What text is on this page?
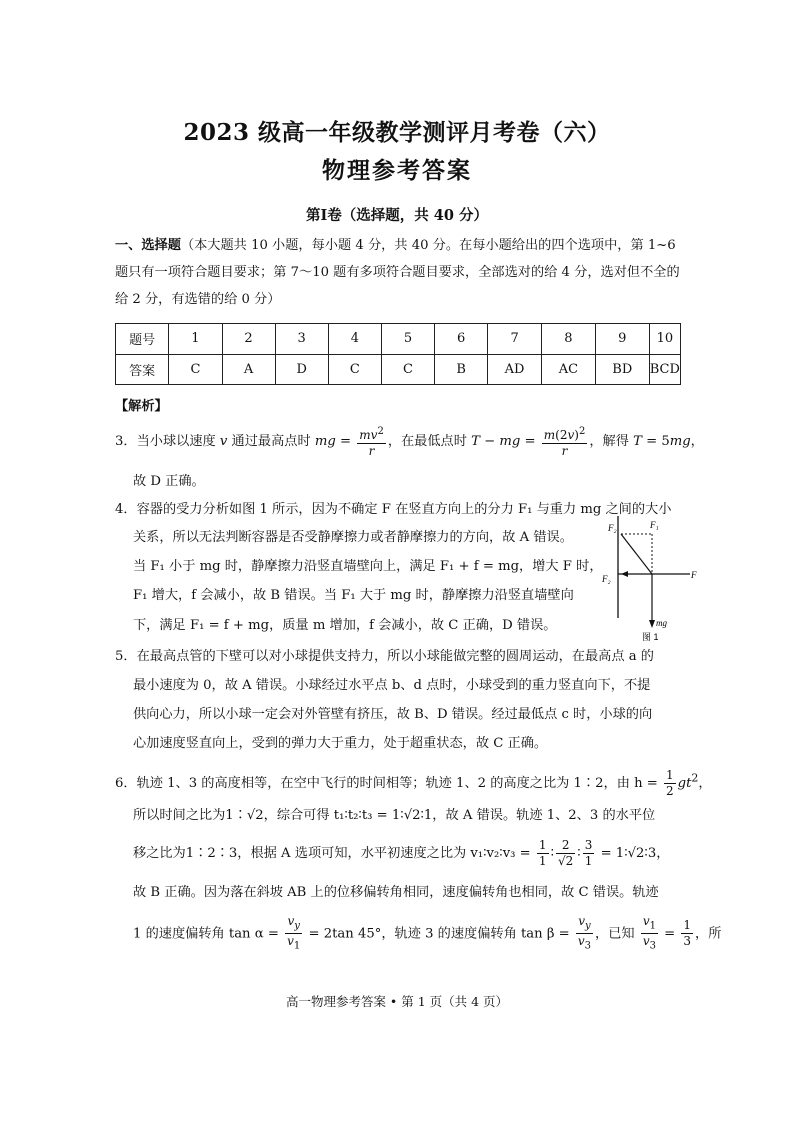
2023 级高一年级教学测评月考卷（六）
物理参考答案
第Ⅰ卷（选择题，共 40 分）
一、选择题（本大题共 10 小题，每小题 4 分，共 40 分。在每小题给出的四个选项中，第 1~6 题只有一项符合题目要求；第 7～10 题有多项符合题目要求，全部选对的给 4 分，选对但不全的给 2 分，有选错的给 0 分）
题号	1	2	3	4	5	6	7	8	9	10
答案	C	A	D	C	C	B	AD	AC	BD	BCD
【解析】
3．当小球以速度 v 通过最高点时 mg = $\frac{mv^2}{r}$ ，在最低点时 T − mg = $\frac{m(2v)^2}{r}$ ，解得 T = 5mg，
故 D 正确。
4．容器的受力分析如图 1 所示，因为不确定 F 在竖直方向上的分力 F₁ 与重力 mg 之间的大小
关系，所以无法判断容器是否受静摩擦力或者静摩擦力的方向，故 A 错误。
当 F₁ 小于 mg 时，静摩擦力沿竖直墙壁向上，满足 F₁ + f = mg，增大 F 时，
F₁ 增大，f 会减小，故 B 错误。当 F₁ 大于 mg 时，静摩擦力沿竖直墙壁向
下，满足 F₁ = f + mg，质量 m 增加，f 会减小，故 C 正确，D 错误。
F₂	F₁
F₂	F
mg
图 1
5．在最高点管的下壁可以对小球提供支持力，所以小球能做完整的圆周运动，在最高点 a 的
最小速度为 0，故 A 错误。小球经过水平点 b、d 点时，小球受到的重力竖直向下，不提
供向心力，所以小球一定会对外管壁有挤压，故 B、D 错误。经过最低点 c 时，小球的向
心加速度竖直向上，受到的弹力大于重力，处于超重状态，故 C 正确。
6．轨迹 1、3 的高度相等，在空中飞行的时间相等；轨迹 1、2 的高度之比为 1∶2，由 $h = \frac{1}{2} gt^2$，
所以时间之比为1∶√2，综合可得 t₁∶t₂∶t₃ = 1∶√2∶1，故 A 错误。轨迹 1、2、3 的水平位
移之比为1∶2∶3，根据 A 选项可知，水平初速度之比为 v₁∶v₂∶v₃ = $\frac{1}{1}$ ∶ $\frac{2}{√2}$ ∶ $\frac{3}{1}$ = 1∶√2∶3，
故 B 正确。因为落在斜坡 AB 上的位移偏转角相同，速度偏转角也相同，故 C 错误。轨迹
1 的速度偏转角 $\tan \alpha = \frac{v_y}{v_1} = 2\tan$ 45°，轨迹 3 的速度偏转角 $\tan \beta = \frac{v_y}{v_3}$ ，已知 $\frac{v_1}{v_3} = \frac{1}{3}$ ，所
高一物理参考答案 • 第 1 页（共 4 页）
